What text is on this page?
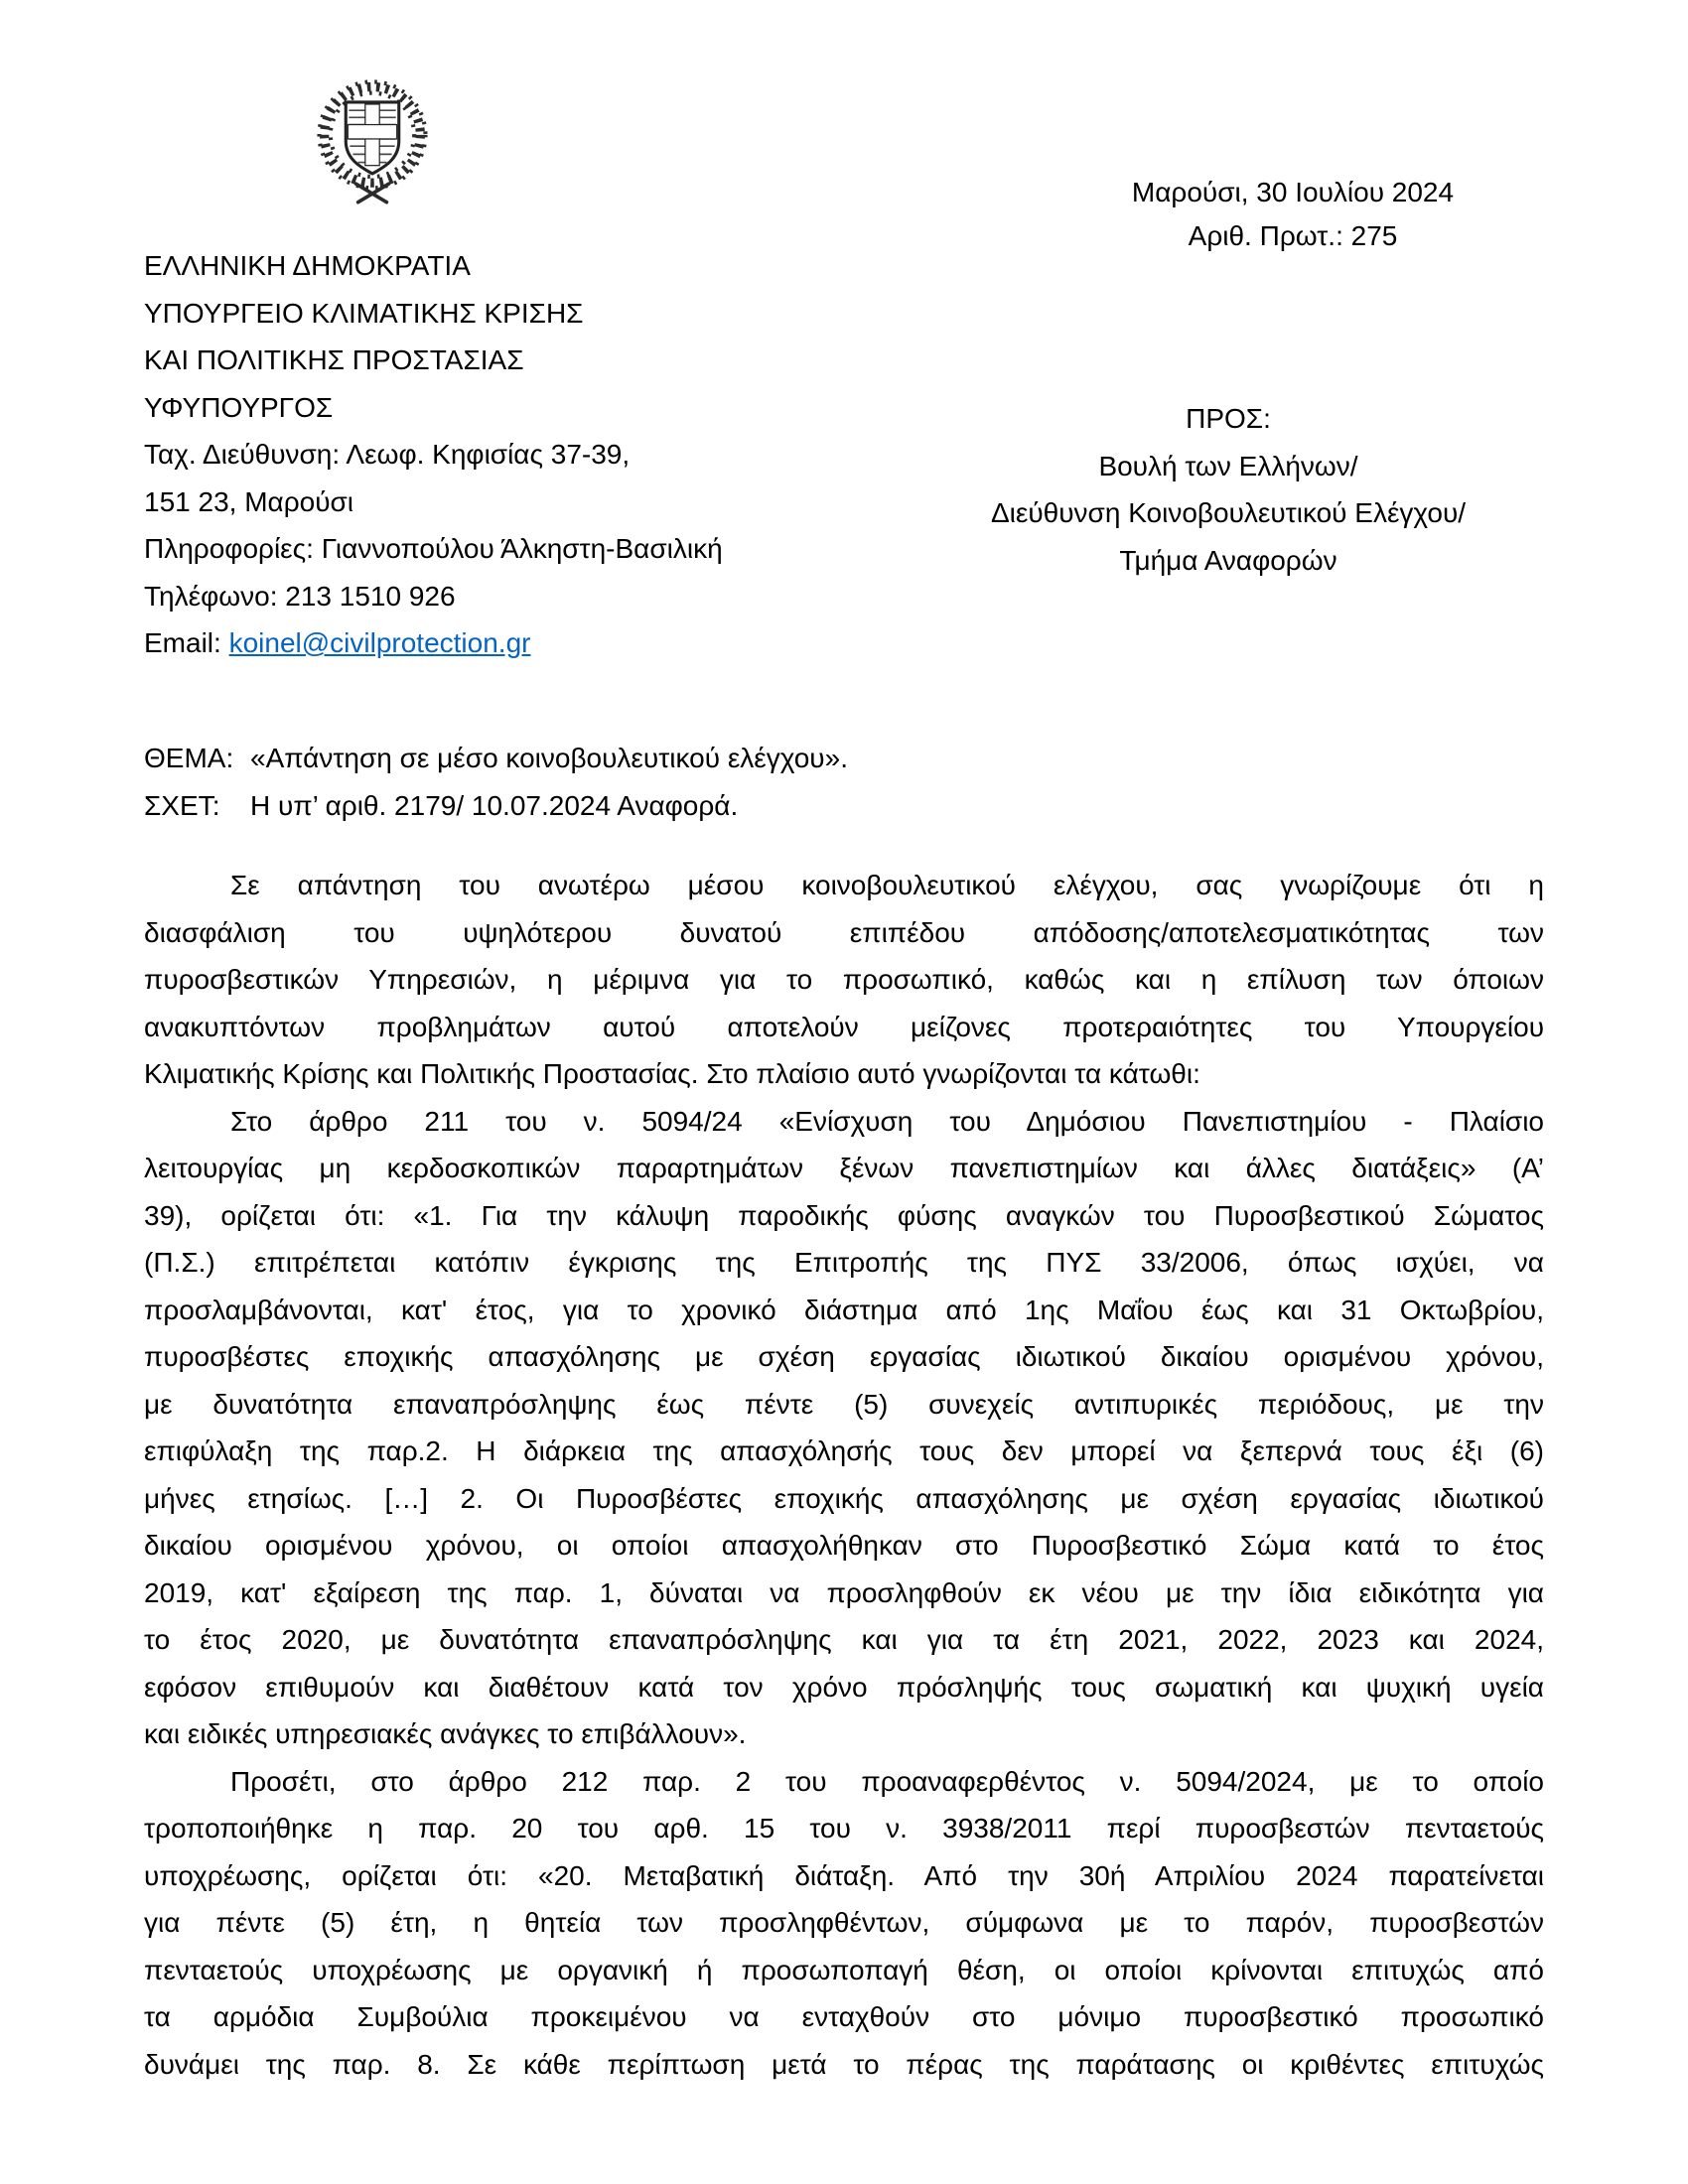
Μαρούσι, 30 Ιουλίου 2024
Αριθ. Πρωτ.: 275
ΕΛΛΗΝΙΚΗ ΔΗΜΟΚΡΑΤΙΑ
ΥΠΟΥΡΓΕΙΟ ΚΛΙΜΑΤΙΚΗΣ ΚΡΙΣΗΣ
ΚΑΙ ΠΟΛΙΤΙΚΗΣ ΠΡΟΣΤΑΣΙΑΣ
ΥΦΥΠΟΥΡΓΟΣ
Ταχ. Διεύθυνση: Λεωφ. Κηφισίας 37-39,
151 23, Μαρούσι
Πληροφορίες: Γιαννοπούλου Άλκηστη-Βασιλική
Τηλέφωνο: 213 1510 926
Email: koinel@civilprotection.gr
ΠΡΟΣ:
Βουλή των Ελλήνων/
Διεύθυνση Κοινοβουλευτικού Ελέγχου/
Τμήμα Αναφορών
ΘΕΜΑ: «Απάντηση σε μέσο κοινοβουλευτικού ελέγχου».
ΣΧΕΤ:	Η υπ’ αριθ. 2179/ 10.07.2024 Αναφορά.
Σε απάντηση του ανωτέρω μέσου κοινοβουλευτικού ελέγχου, σας γνωρίζουμε ότι η
διασφάλιση του υψηλότερου δυνατού επιπέδου απόδοσης/αποτελεσματικότητας των
πυροσβεστικών Υπηρεσιών, η μέριμνα για το προσωπικό, καθώς και η επίλυση των όποιων
ανακυπτόντων προβλημάτων αυτού αποτελούν μείζονες προτεραιότητες του Υπουργείου
Κλιματικής Κρίσης και Πολιτικής Προστασίας. Στο πλαίσιο αυτό γνωρίζονται τα κάτωθι:
Στο άρθρο 211 του ν. 5094/24 «Ενίσχυση του Δημόσιου Πανεπιστημίου - Πλαίσιο
λειτουργίας μη κερδοσκοπικών παραρτημάτων ξένων πανεπιστημίων και άλλες διατάξεις» (Α’
39), ορίζεται ότι: «1. Για την κάλυψη παροδικής φύσης αναγκών του Πυροσβεστικού Σώματος
(Π.Σ.) επιτρέπεται κατόπιν έγκρισης της Επιτροπής της ΠΥΣ 33/2006, όπως ισχύει, να
προσλαμβάνονται, κατ' έτος, για το χρονικό διάστημα από 1ης Μαΐου έως και 31 Οκτωβρίου,
πυροσβέστες εποχικής απασχόλησης με σχέση εργασίας ιδιωτικού δικαίου ορισμένου χρόνου,
με δυνατότητα επαναπρόσληψης έως πέντε (5) συνεχείς αντιπυρικές περιόδους, με την
επιφύλαξη της παρ.2. Η διάρκεια της απασχόλησής τους δεν μπορεί να ξεπερνά τους έξι (6)
μήνες ετησίως. […] 2. Οι Πυροσβέστες εποχικής απασχόλησης με σχέση εργασίας ιδιωτικού
δικαίου ορισμένου χρόνου, οι οποίοι απασχολήθηκαν στο Πυροσβεστικό Σώμα κατά το έτος
2019, κατ' εξαίρεση της παρ. 1, δύναται να προσληφθούν εκ νέου με την ίδια ειδικότητα για
το έτος 2020, με δυνατότητα επαναπρόσληψης και για τα έτη 2021, 2022, 2023 και 2024,
εφόσον επιθυμούν και διαθέτουν κατά τον χρόνο πρόσληψής τους σωματική και ψυχική υγεία
και ειδικές υπηρεσιακές ανάγκες το επιβάλλουν».
Προσέτι, στο άρθρο 212 παρ. 2 του προαναφερθέντος ν. 5094/2024, με το οποίο
τροποποιήθηκε η παρ. 20 του αρθ. 15 του ν. 3938/2011 περί πυροσβεστών πενταετούς
υποχρέωσης, ορίζεται ότι: «20. Μεταβατική διάταξη. Από την 30ή Απριλίου 2024 παρατείνεται
για πέντε (5) έτη, η θητεία των προσληφθέντων, σύμφωνα με το παρόν, πυροσβεστών
πενταετούς υποχρέωσης με οργανική ή προσωποπαγή θέση, οι οποίοι κρίνονται επιτυχώς από
τα αρμόδια Συμβούλια προκειμένου να ενταχθούν στο μόνιμο πυροσβεστικό προσωπικό
δυνάμει της παρ. 8. Σε κάθε περίπτωση μετά το πέρας της παράτασης οι κριθέντες επιτυχώς
